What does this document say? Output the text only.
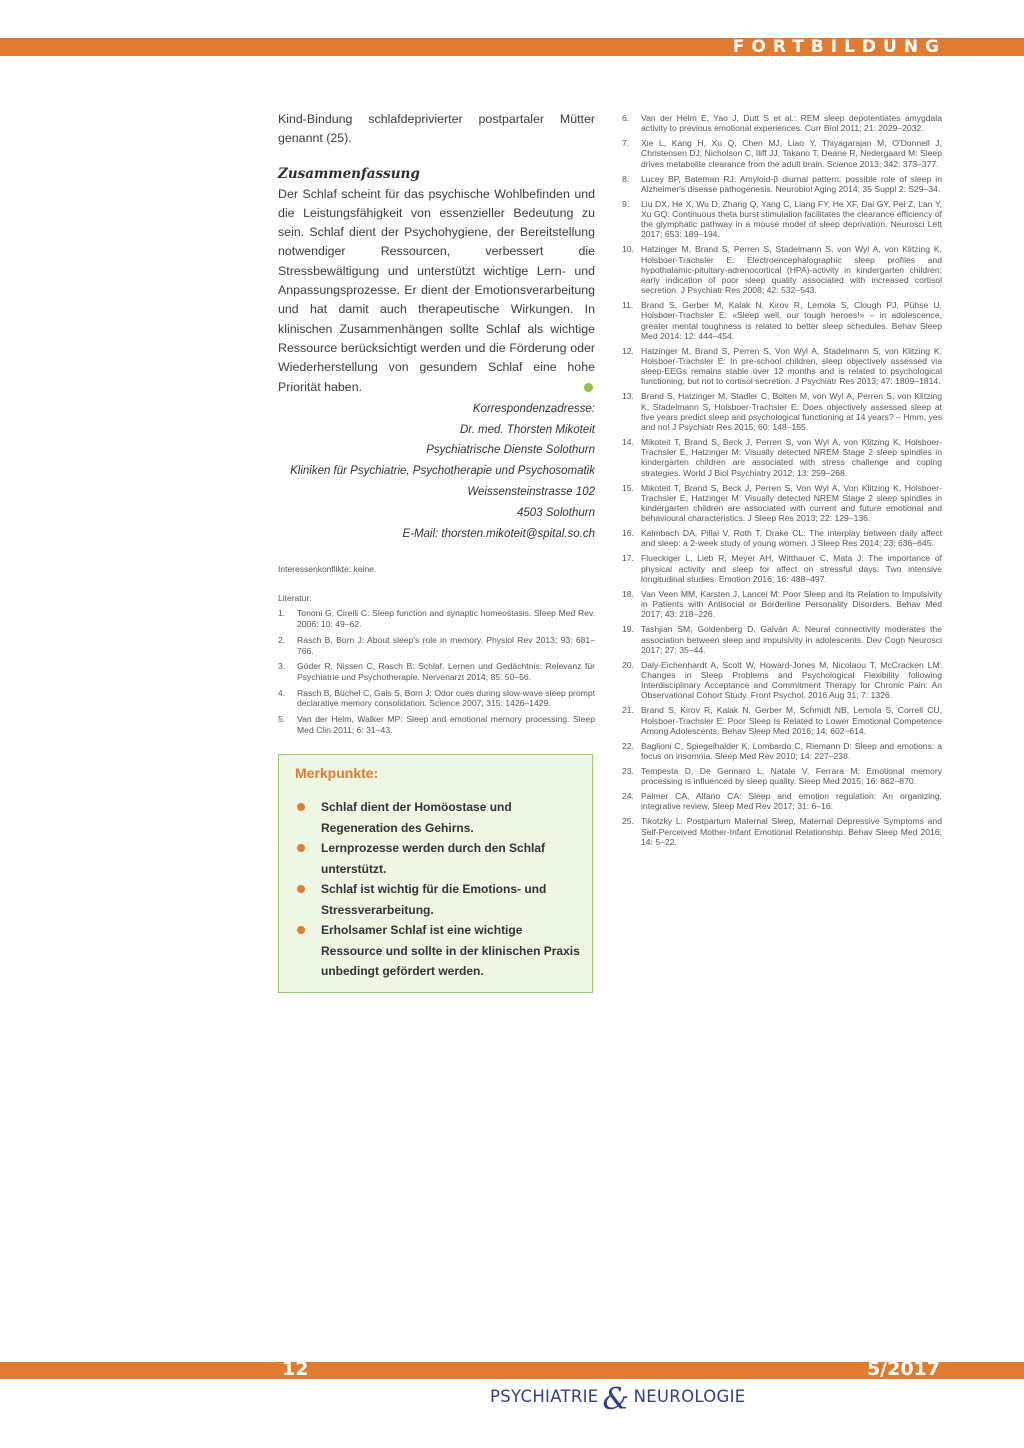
FORTBILDUNG

Kind-Bindung schlafdeprivierter postpartaler Mütter genannt (25).

Zusammenfassung

Der Schlaf scheint für das psychische Wohlbefinden und die Leistungsfähigkeit von essenzieller Bedeutung zu sein. Schlaf dient der Psychohygiene, der Bereitstellung notwendiger Ressourcen, verbessert die Stressbewältigung und unterstützt wichtige Lern- und Anpassungsprozesse. Er dient der Emotionsverarbeitung und hat damit auch therapeutische Wirkungen. In klinischen Zusammenhängen sollte Schlaf als wichtige Ressource berücksichtigt werden und die Förderung oder Wiederherstellung von gesundem Schlaf eine hohe Priorität haben.

Korrespondenzadresse:
Dr. med. Thorsten Mikoteit
Psychiatrische Dienste Solothurn
Kliniken für Psychiatrie, Psychotherapie und Psychosomatik
Weissensteinstrasse 102
4503 Solothurn
E-Mail: thorsten.mikoteit@spital.so.ch
Interessenkonflikte: keine.
Literatur:
1. Tononi G, Cirelli C: Sleep function and synaptic homeostasis. Sleep Med Rev. 2006; 10: 49–62.
2. Rasch B, Born J: About sleep's role in memory. Physiol Rev 2013; 93: 681–766.
3. Göder R, Nissen C, Rasch B: Schlaf, Lernen und Gedächtnis: Relevanz für Psychiatrie und Psychotherapie. Nervenarzt 2014; 85: 50–56.
4. Rasch B, Büchel C, Gais S, Born J: Odor cues during slow-wave sleep prompt declarative memory consolidation. Science 2007; 315: 1426–1429.
5. Van der Helm, Walker MP: Sleep and emotional memory processing. Sleep Med Clin 2011; 6: 31–43.
Merkpunkte:
Schlaf dient der Homöostase und Regeneration des Gehirns.
Lernprozesse werden durch den Schlaf unterstützt.
Schlaf ist wichtig für die Emotions- und Stressverarbeitung.
Erholsamer Schlaf ist eine wichtige Ressource und sollte in der klinischen Praxis unbedingt gefördert werden.
6. Van der Helm E, Yao J, Dutt S et al.: REM sleep depotentiates amygdala activity to previous emotional experiences. Curr Biol 2011; 21: 2029–2032.
7. Xie L, Kang H, Xu Q, Chen MJ, Liao Y, Thiyagarajan M, O'Donnell J, Christensen DJ, Nicholson C, Iliff JJ, Takano T, Deane R, Nedergaard M: Sleep drives metabolite clearance from the adult brain. Science 2013; 342: 373–377.
8. Lucey BP, Bateman RJ: Amyloid-β diurnal pattern: possible role of sleep in Alzheimer's disease pathogenesis. Neurobiol Aging 2014; 35 Suppl 2: S29–34.
9. Liu DX, He X, Wu D, Zhang Q, Yang C, Liang FY, He XF, Dai GY, Pei Z, Lan Y, Xu GQ: Continuous theta burst stimulation facilitates the clearance efficiency of the glymphatic pathway in a mouse model of sleep deprivation. Neurosci Lett 2017; 653: 189–194.
10. Hatzinger M, Brand S, Perren S, Stadelmann S, von Wyl A, von Klitzing K, Holsboer-Trachsler E: Electroencephalographic sleep profiles and hypothalamic-pituitary-adrenocortical (HPA)-activity in kindergarten children: early indication of poor sleep quality associated with increased cortisol secretion. J Psychiatr Res 2008; 42: 532–543.
11. Brand S, Gerber M, Kalak N, Kirov R, Lemola S, Clough PJ, Pühse U, Holsboer-Trachsler E: «Sleep well, our tough heroes!» – in adolescence, greater mental toughness is related to better sleep schedules. Behav Sleep Med 2014: 12: 444–454.
12. Hatzinger M, Brand S, Perren S, Von Wyl A, Stadelmann S, von Klitzing K, Holsboer-Trachsler E: In pre-school children, sleep objectively assessed via sleep-EEGs remains stable over 12 months and is related to psychological functioning, but not to cortisol secretion. J Psychiatr Res 2013; 47: 1809–1814.
13. Brand S, Hatzinger M, Stadler C, Bolten M, von Wyl A, Perren S, von Klitzing K, Stadelmann S, Holsboer-Trachsler E: Does objectively assessed sleep at five years predict sleep and psychological functioning at 14 years? – Hmm, yes and no! J Psychiatr Res 2015; 60: 148–155.
14. Mikoteit T, Brand S, Beck J, Perren S, von Wyl A, von Klitzing K, Holsboer-Trachsler E, Hatzinger M: Visually detected NREM Stage 2 sleep spindles in kindergarten children are associated with stress challenge and coping strategies. World J Biol Psychiatry 2012; 13: 259–268.
15. Mikoteit T, Brand S, Beck J, Perren S, Von Wyl A, Von Klitzing K, Holsboer-Trachsler E, Hatzinger M: Visually detected NREM Stage 2 sleep spindles in kindergarten children are associated with current and future emotional and behavioural characteristics. J Sleep Res 2013; 22: 129–136.
16. Kalmbach DA, Pillai V, Roth T, Drake CL: The interplay between daily affect and sleep: a 2-week study of young women. J Sleep Res 2014; 23: 636–645.
17. Flueckiger L, Lieb R, Meyer AH, Witthauer C, Mata J: The importance of physical activity and sleep for affect on stressful days: Two intensive longitudinal studies. Emotion 2016; 16: 488–497.
18. Van Veen MM, Karsten J, Lancel M: Poor Sleep and Its Relation to Impulsivity in Patients with Antisocial or Borderline Personality Disorders. Behav Med 2017; 43: 218–226.
19. Tashjian SM, Goldenberg D, Galván A: Neural connectivity moderates the association between sleep and impulsivity in adolescents. Dev Cogn Neurosci 2017; 27: 35–44.
20. Daly-Eichenhardt A, Scott W, Howard-Jones M, Nicolaou T, McCracken LM: Changes in Sleep Problems and Psychological Flexibility following Interdisciplinary Acceptance and Commitment Therapy for Chronic Pain: An Observational Cohort Study. Front Psychol. 2016 Aug 31; 7: 1326.
21. Brand S, Kirov R, Kalak N, Gerber M, Schmidt NB, Lemola S, Correll CU, Holsboer-Trachsler E: Poor Sleep Is Related to Lower Emotional Competence Among Adolescents. Behav Sleep Med 2016; 14: 602–614.
22. Baglioni C, Spiegelhalder K, Lombardo C, Riemann D: Sleep and emotions: a focus on insomnia. Sleep Med Rev 2010; 14: 227–238.
23. Tempesta D, De Gennaro L, Natale V, Ferrara M: Emotional memory processing is influenced by sleep quality. Sleep Med 2015; 16: 862–870.
24. Palmer CA, Alfano CA: Sleep and emotion regulation: An organizing, integrative review. Sleep Med Rev 2017; 31: 6–16.
25. Tikotzky L: Postpartum Maternal Sleep, Maternal Depressive Symptoms and Self-Perceived Mother-Infant Emotional Relationship. Behav Sleep Med 2016; 14: 5–22.
12	5/2017
PSYCHIATRIE & NEUROLOGIE
